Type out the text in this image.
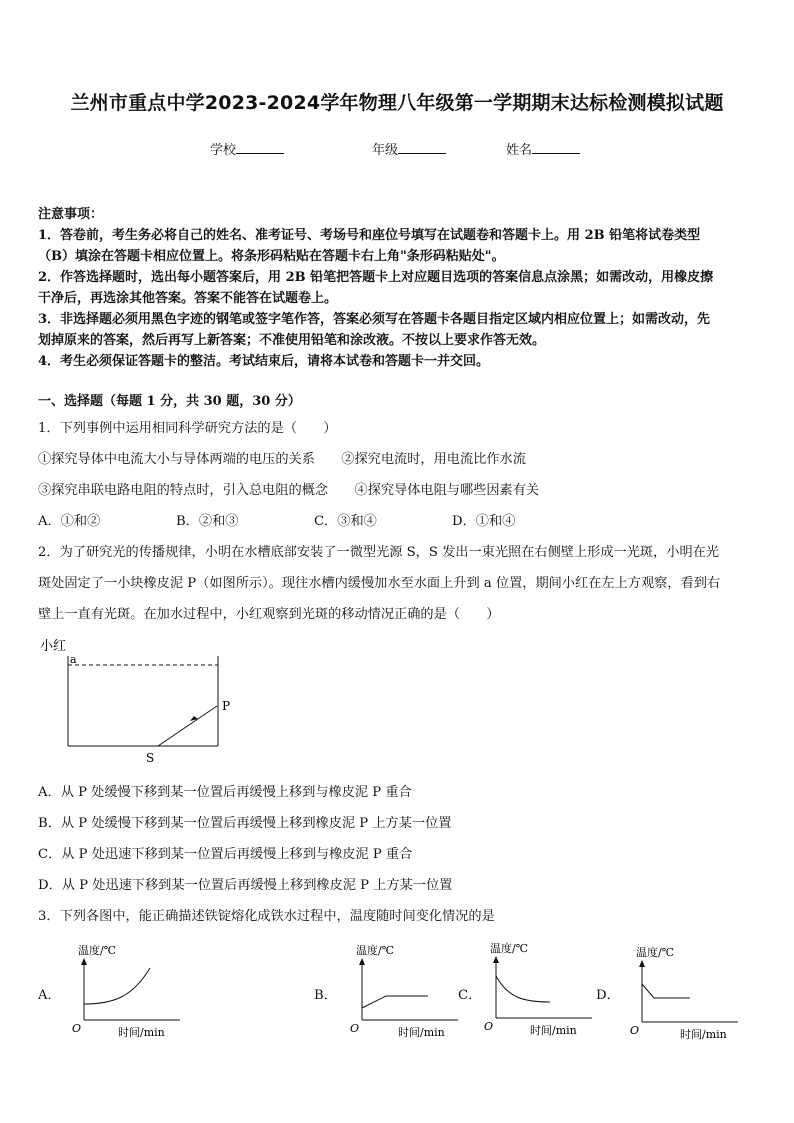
兰州市重点中学2023-2024学年物理八年级第一学期期末达标检测模拟试题
学校	年级	姓名
注意事项：
1．答卷前，考生务必将自己的姓名、准考证号、考场号和座位号填写在试题卷和答题卡上。用 2B 铅笔将试卷类型
（B）填涂在答题卡相应位置上。将条形码粘贴在答题卡右上角"条形码粘贴处"。
2．作答选择题时，选出每小题答案后，用 2B 铅笔把答题卡上对应题目选项的答案信息点涂黑；如需改动，用橡皮擦
干净后，再选涂其他答案。答案不能答在试题卷上。
3．非选择题必须用黑色字迹的钢笔或签字笔作答，答案必须写在答题卡各题目指定区域内相应位置上；如需改动，先
划掉原来的答案，然后再写上新答案；不准使用铅笔和涂改液。不按以上要求作答无效。
4．考生必须保证答题卡的整洁。考试结束后，请将本试卷和答题卡一并交回。
一、选择题（每题 1 分，共 30 题，30 分）
1．下列事例中运用相同科学研究方法的是（　　）
①探究导体中电流大小与导体两端的电压的关系　　②探究电流时，用电流比作水流
③探究串联电路电阻的特点时，引入总电阻的概念　　④探究导体电阻与哪些因素有关
A．①和②	B．②和③	C．③和④	D．①和④
2．为了研究光的传播规律，小明在水槽底部安装了一微型光源 S，S 发出一束光照在右侧壁上形成一光斑，小明在光
斑处固定了一小块橡皮泥 P（如图所示）。现往水槽内缓慢加水至水面上升到 a 位置，期间小红在左上方观察，看到右
壁上一直有光斑。在加水过程中，小红观察到光斑的移动情况正确的是（　　）
小红
a
P
S
A．从 P 处缓慢下移到某一位置后再缓慢上移到与橡皮泥 P 重合
B．从 P 处缓慢下移到某一位置后再缓慢上移到橡皮泥 P 上方某一位置
C．从 P 处迅速下移到某一位置后再缓慢上移到与橡皮泥 P 重合
D．从 P 处迅速下移到某一位置后再缓慢上移到橡皮泥 P 上方某一位置
3．下列各图中，能正确描述铁锭熔化成铁水过程中，温度随时间变化情况的是
A．
温度/℃
O	时间/min
B．
温度/℃
O	时间/min
C．
温度/℃
O	时间/min
D．
温度/℃
O	时间/min
